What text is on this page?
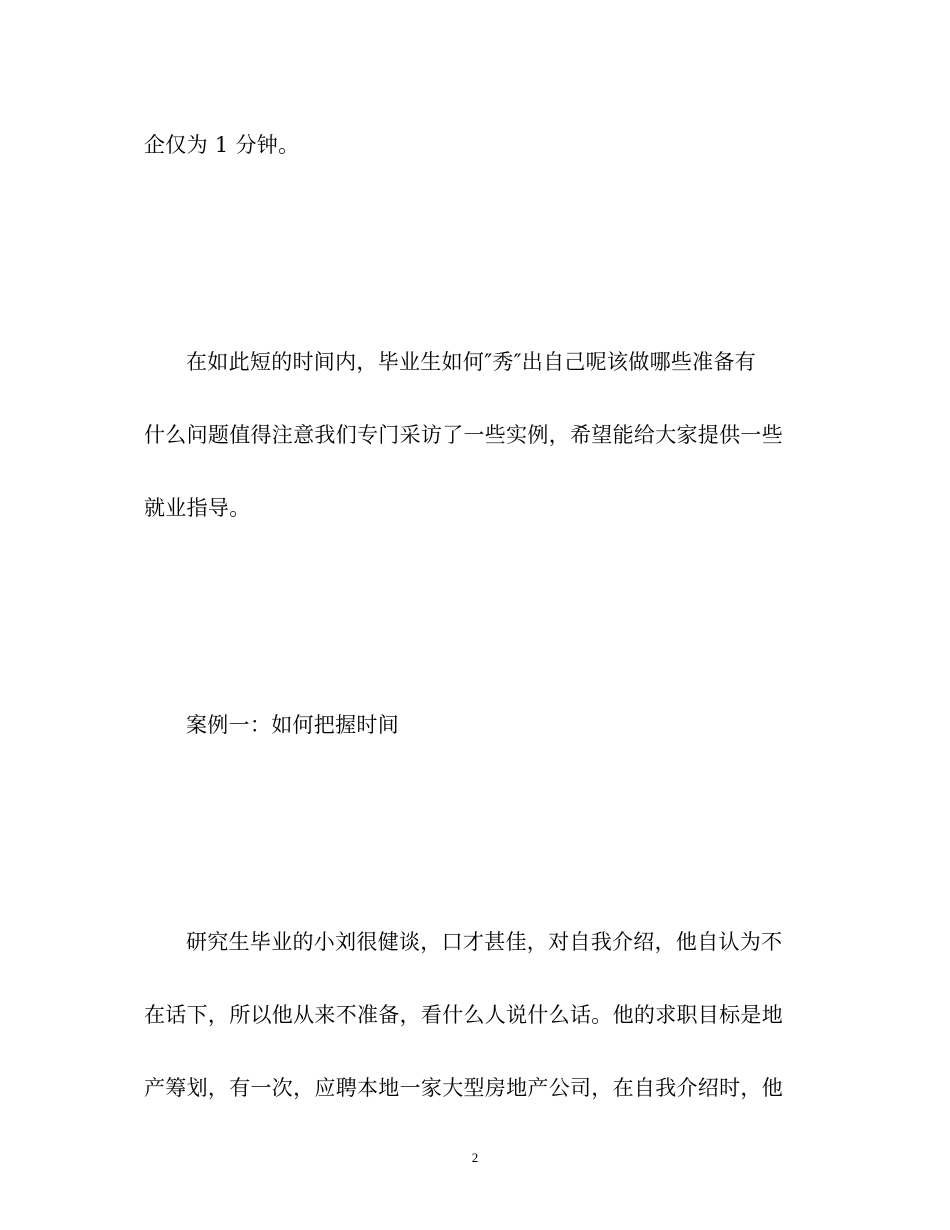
企仅为 1 分钟。
在如此短的时间内，毕业生如何″秀″出自己呢该做哪些准备有
什么问题值得注意我们专门采访了一些实例，希望能给大家提供一些
就业指导。
案例一：如何把握时间
研究生毕业的小刘很健谈，口才甚佳，对自我介绍，他自认为不
在话下，所以他从来不准备，看什么人说什么话。他的求职目标是地
产筹划，有一次，应聘本地一家大型房地产公司，在自我介绍时，他
2
